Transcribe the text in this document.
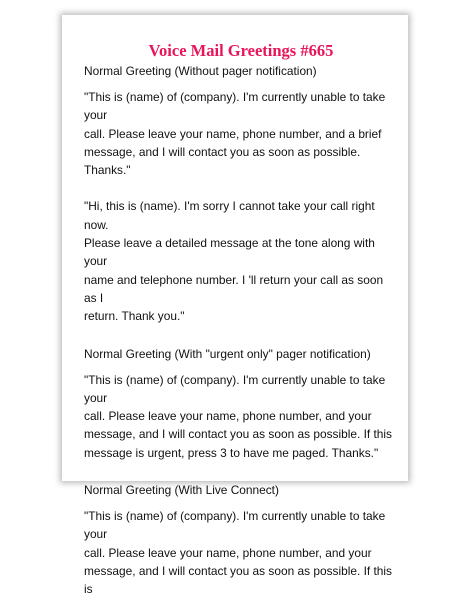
Voice Mail Greetings #665
Normal Greeting (Without pager notification)
"This is (name) of (company). I'm currently unable to take your
call. Please leave your name, phone number, and a brief
message, and I will contact you as soon as possible. Thanks."
"Hi, this is (name). I'm sorry I cannot take your call right now.
Please leave a detailed message at the tone along with your
name and telephone number. I 'll return your call as soon as I
return. Thank you."
Normal Greeting (With "urgent only" pager notification)
"This is (name) of (company). I'm currently unable to take your
call. Please leave your name, phone number, and your
message, and I will contact you as soon as possible. If this
message is urgent, press 3 to have me paged. Thanks."
Normal Greeting (With Live Connect)
"This is (name) of (company). I'm currently unable to take your
call. Please leave your name, phone number, and your
message, and I will contact you as soon as possible. If this is
